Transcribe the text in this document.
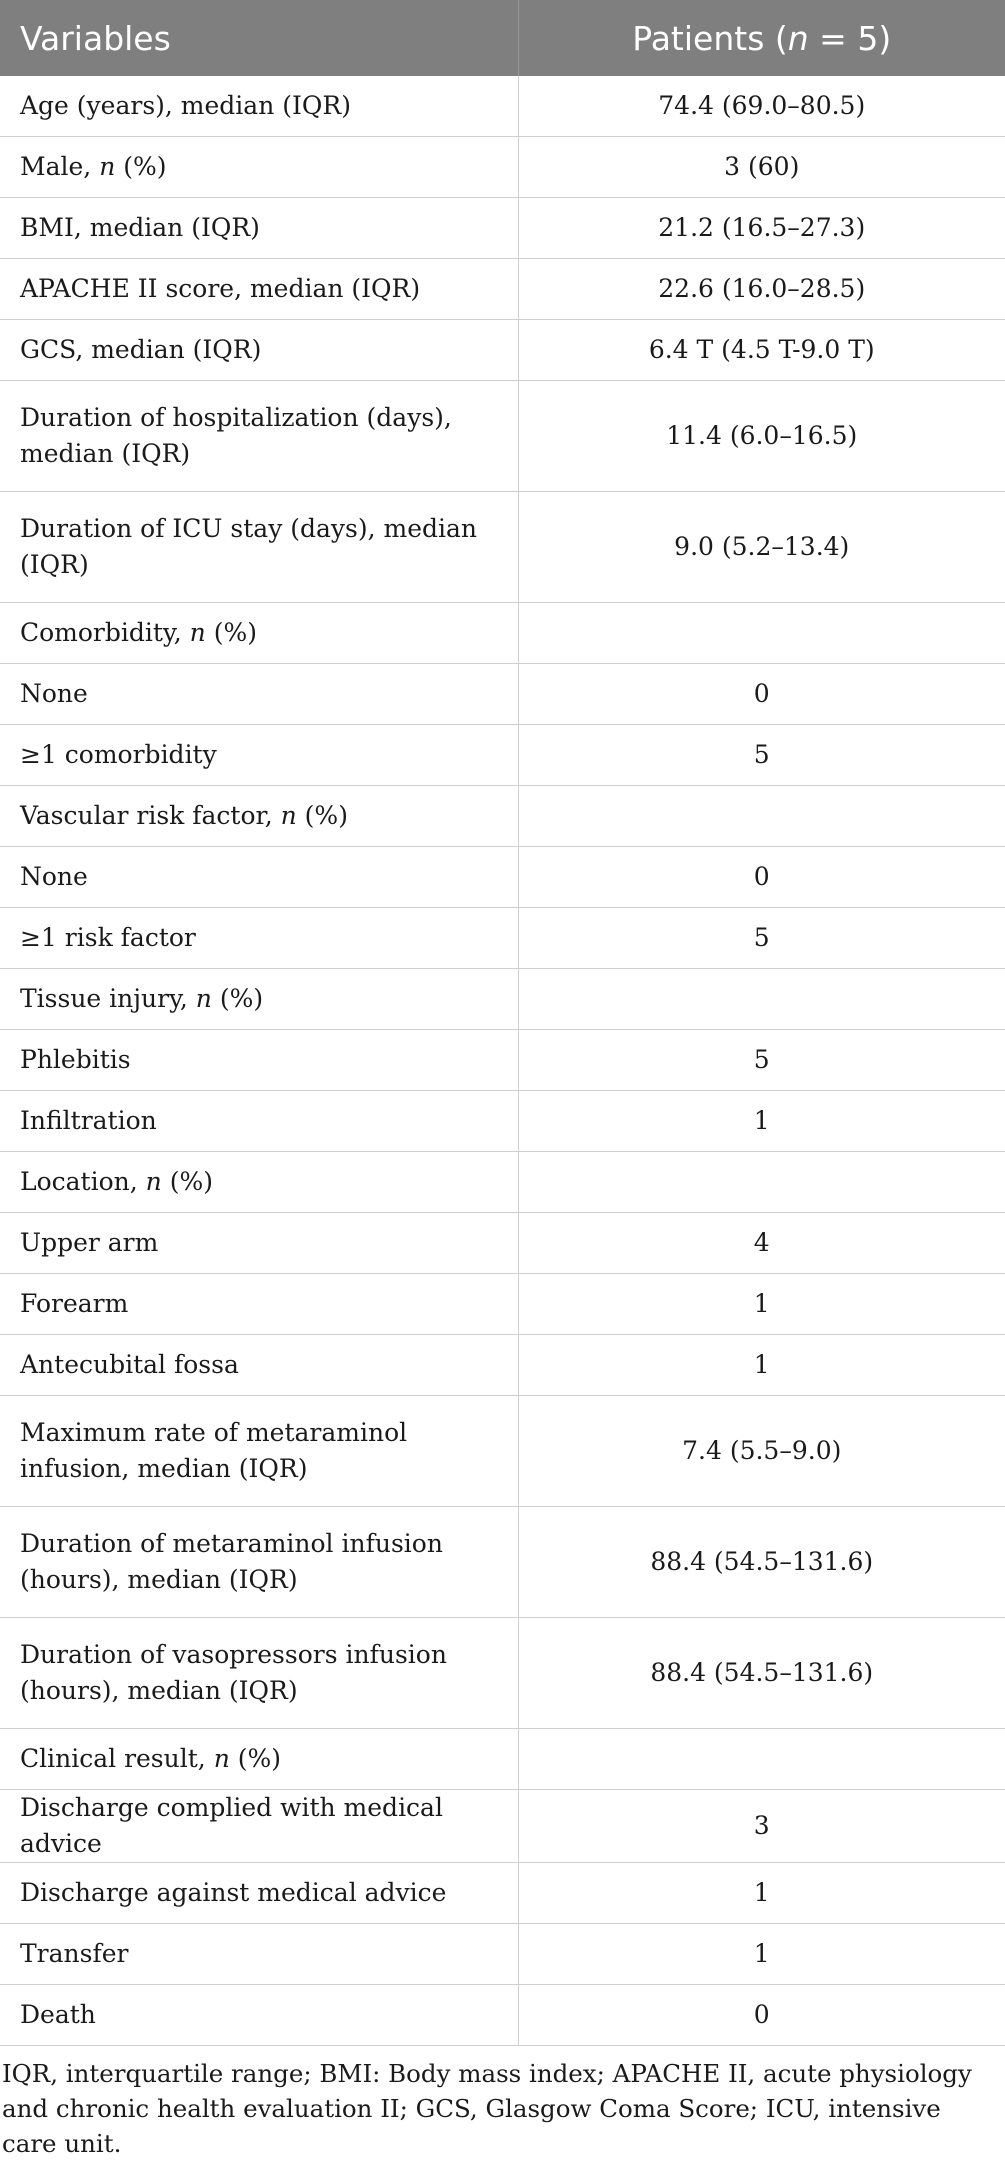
Variables	Patients (n = 5)
Age (years), median (IQR)	74.4 (69.0–80.5)
Male, n (%)	3 (60)
BMI, median (IQR)	21.2 (16.5–27.3)
APACHE II score, median (IQR)	22.6 (16.0–28.5)
GCS, median (IQR)	6.4 T (4.5 T-9.0 T)
Duration of hospitalization (days), median (IQR)	11.4 (6.0–16.5)
Duration of ICU stay (days), median (IQR)	9.0 (5.2–13.4)
Comorbidity, n (%)	
None	0
≥1 comorbidity	5
Vascular risk factor, n (%)	
None	0
≥1 risk factor	5
Tissue injury, n (%)	
Phlebitis	5
Infiltration	1
Location, n (%)	
Upper arm	4
Forearm	1
Antecubital fossa	1
Maximum rate of metaraminol infusion, median (IQR)	7.4 (5.5–9.0)
Duration of metaraminol infusion (hours), median (IQR)	88.4 (54.5–131.6)
Duration of vasopressors infusion (hours), median (IQR)	88.4 (54.5–131.6)
Clinical result, n (%)	
Discharge complied with medical advice	3
Discharge against medical advice	1
Transfer	1
Death	0
IQR, interquartile range; BMI: Body mass index; APACHE II, acute physiology and chronic health evaluation II; GCS, Glasgow Coma Score; ICU, intensive care unit.
